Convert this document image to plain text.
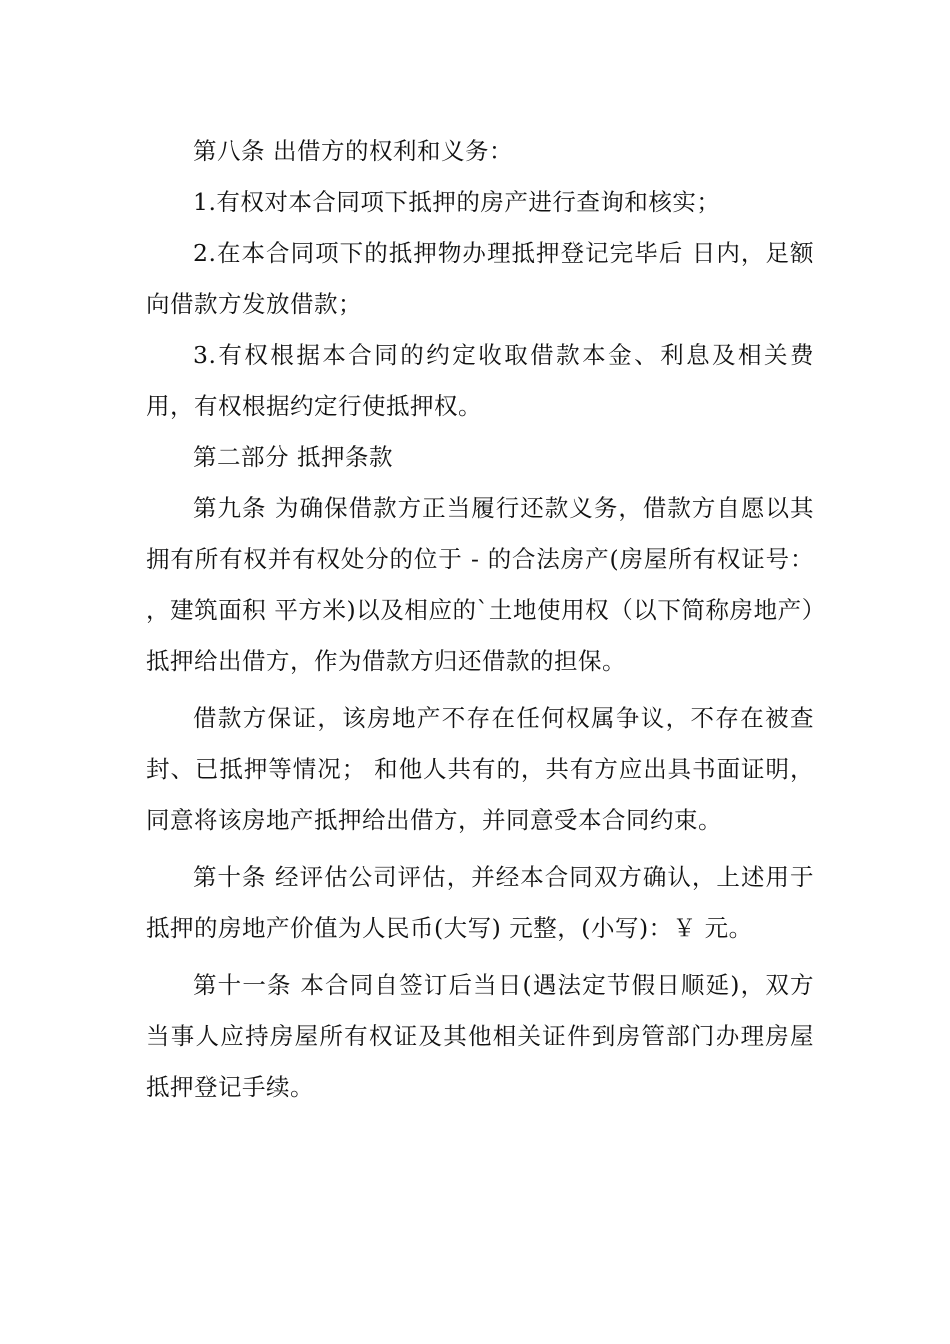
第八条 出借方的权利和义务：

1.有权对本合同项下抵押的房产进行查询和核实；

2.在本合同项下的抵押物办理抵押登记完毕后 日内，足额向借款方发放借款；

3.有权根据本合同的约定收取借款本金、利息及相关费用，有权根据约定行使抵押权。

第二部分 抵押条款

第九条 为确保借款方正当履行还款义务，借款方自愿以其拥有所有权并有权处分的位于 - 的合法房产(房屋所有权证号： ，建筑面积 平方米)以及相应的`土地使用权（以下简称房地产）抵押给出借方，作为借款方归还借款的担保。

借款方保证，该房地产不存在任何权属争议，不存在被查封、已抵押等情况； 和他人共有的，共有方应出具书面证明，同意将该房地产抵押给出借方，并同意受本合同约束。

第十条 经评估公司评估，并经本合同双方确认，上述用于抵押的房地产价值为人民币(大写) 元整，(小写)：￥ 元。

第十一条 本合同自签订后当日(遇法定节假日顺延)，双方当事人应持房屋所有权证及其他相关证件到房管部门办理房屋抵押登记手续。
